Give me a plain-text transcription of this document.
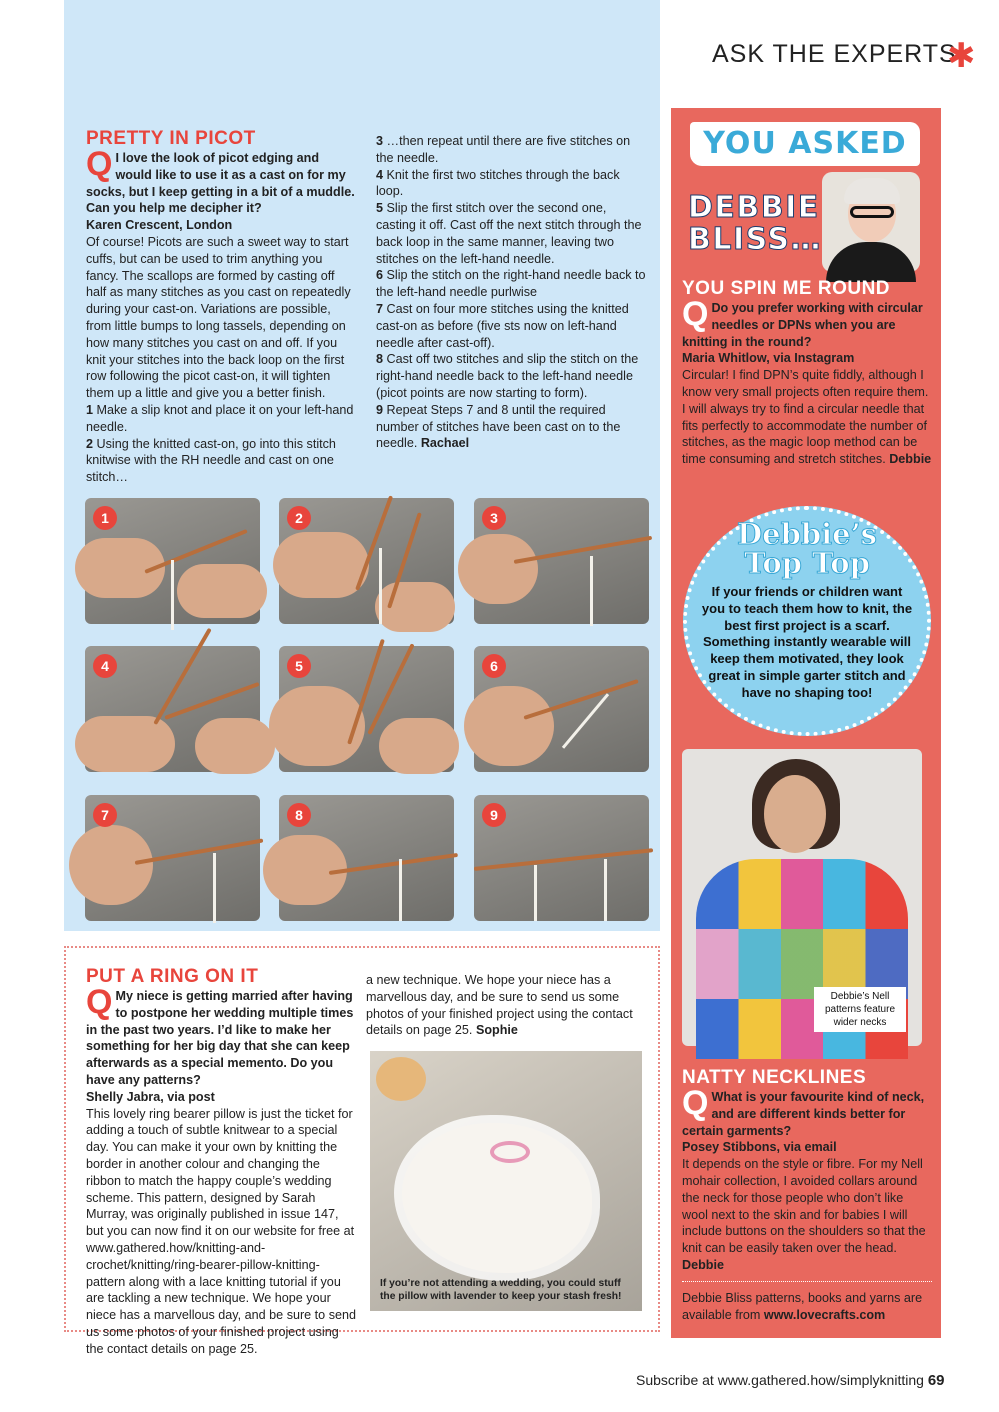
ASK THE EXPERTS
✱
PRETTY IN PICOT

Q I love the look of picot edging and would like to use it as a cast on for my socks, but I keep getting in a bit of a muddle. Can you help me decipher it?

Karen Crescent, London

Of course! Picots are such a sweet way to start cuffs, but can be used to trim anything you fancy. The scallops are formed by casting off half as many stitches as you cast on repeatedly during your cast-on. Variations are possible, from little bumps to long tassels, depending on how many stitches you cast on and off. If you knit your stitches into the back loop on the first row following the picot cast-on, it will tighten them up a little and give you a better finish.

1 Make a slip knot and place it on your left-hand needle.

2 Using the knitted cast-on, go into this stitch knitwise with the RH needle and cast on one stitch…

3 …then repeat until there are five stitches on the needle.

4 Knit the first two stitches through the back loop.

5 Slip the first stitch over the second one, casting it off. Cast off the next stitch through the back loop in the same manner, leaving two stitches on the left-hand needle.

6 Slip the stitch on the right-hand needle back to the left-hand needle purlwise

7 Cast on four more stitches using the knitted cast-on as before (five sts now on left-hand needle after cast-off).

8 Cast off two stitches and slip the stitch on the right-hand needle back to the left-hand needle (picot points are now starting to form).

9 Repeat Steps 7 and 8 until the required number of stitches have been cast on to the needle. Rachael

1	2	3
4	5	6
7	8	9
PUT A RING ON IT

Q My niece is getting married after having to postpone her wedding multiple times in the past two years. I’d like to make her something for her big day that she can keep afterwards as a special memento. Do you have any patterns?

Shelly Jabra, via post

This lovely ring bearer pillow is just the ticket for adding a touch of subtle knitwear to a special day. You can make it your own by knitting the border in another colour and changing the ribbon to match the happy couple’s wedding scheme. This pattern, designed by Sarah Murray, was originally published in issue 147, but you can now find it on our website for free at www.gathered.how/knitting-and-crochet/knitting/ring-bearer-pillow-knitting-pattern along with a lace knitting tutorial if you are tackling a new technique. We hope your niece has a marvellous day, and be sure to send us some photos of your finished project using the contact details on page 25.

a new technique. We hope your niece has a marvellous day, and be sure to send us some photos of your finished project using the contact details on page 25. Sophie

If you’re not attending a wedding, you could stuff the pillow with lavender to keep your stash fresh!
YOU ASKED
DEBBIE
BLISS…
YOU SPIN ME ROUND

Q Do you prefer working with circular needles or DPNs when you are knitting in the round?

Maria Whitlow, via Instagram

Circular! I find DPN’s quite fiddly, although I know very small projects often require them. I will always try to find a circular needle that fits perfectly to accommodate the number of stitches, as the magic loop method can be time consuming and stretch stitches. Debbie

Debbie’s
Top Top
If your friends or children want you to teach them how to knit, the best first project is a scarf. Something instantly wearable will keep them motivated, they look great in simple garter stitch and have no shaping too!
Debbie’s Nell patterns feature wider necks
NATTY NECKLINES

Q What is your favourite kind of neck, and are different kinds better for certain garments?

Posey Stibbons, via email

It depends on the style or fibre. For my Nell mohair collection, I avoided collars around the neck for those people who don’t like wool next to the skin and for babies I will include buttons on the shoulders so that the knit can be easily taken over the head. Debbie

Debbie Bliss patterns, books and yarns are available from www.lovecrafts.com

Subscribe at www.gathered.how/simplyknitting 69
